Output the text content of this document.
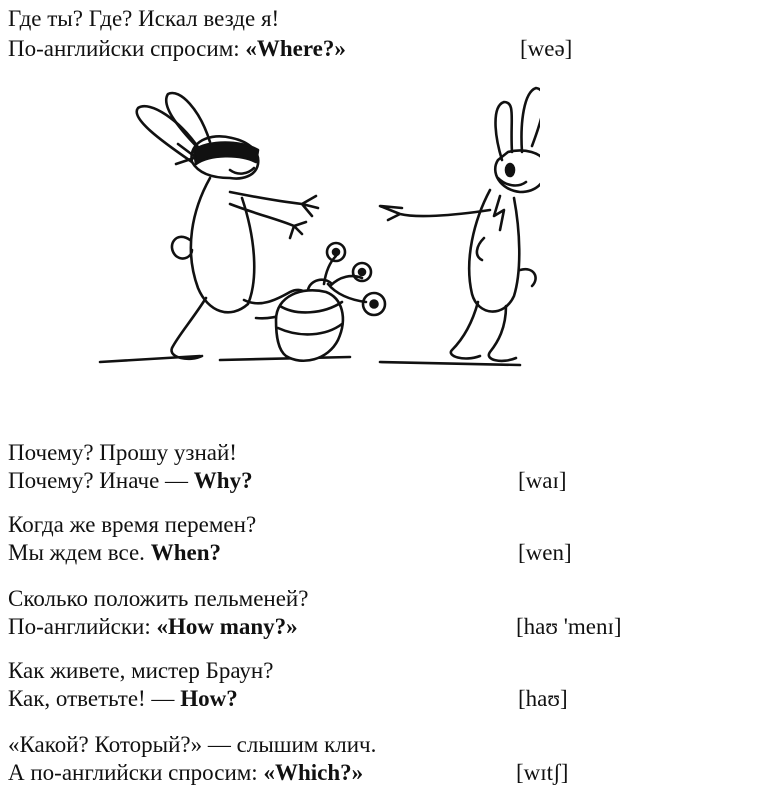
Где ты? Где? Искал везде я!
По-английски спросим: «Where?»	[weə]
Почему? Прошу узнай!
Почему? Иначе — Why?	[waɪ]
Когда же время перемен?
Мы ждем все. When?	[wen]
Сколько положить пельменей?
По-английски: «How many?»	[haʊ 'menɪ]
Как живете, мистер Браун?
Как, ответьте! — How?	[haʊ]
«Какой? Который?» — слышим клич.
А по-английски спросим: «Which?»	[wɪtʃ]
